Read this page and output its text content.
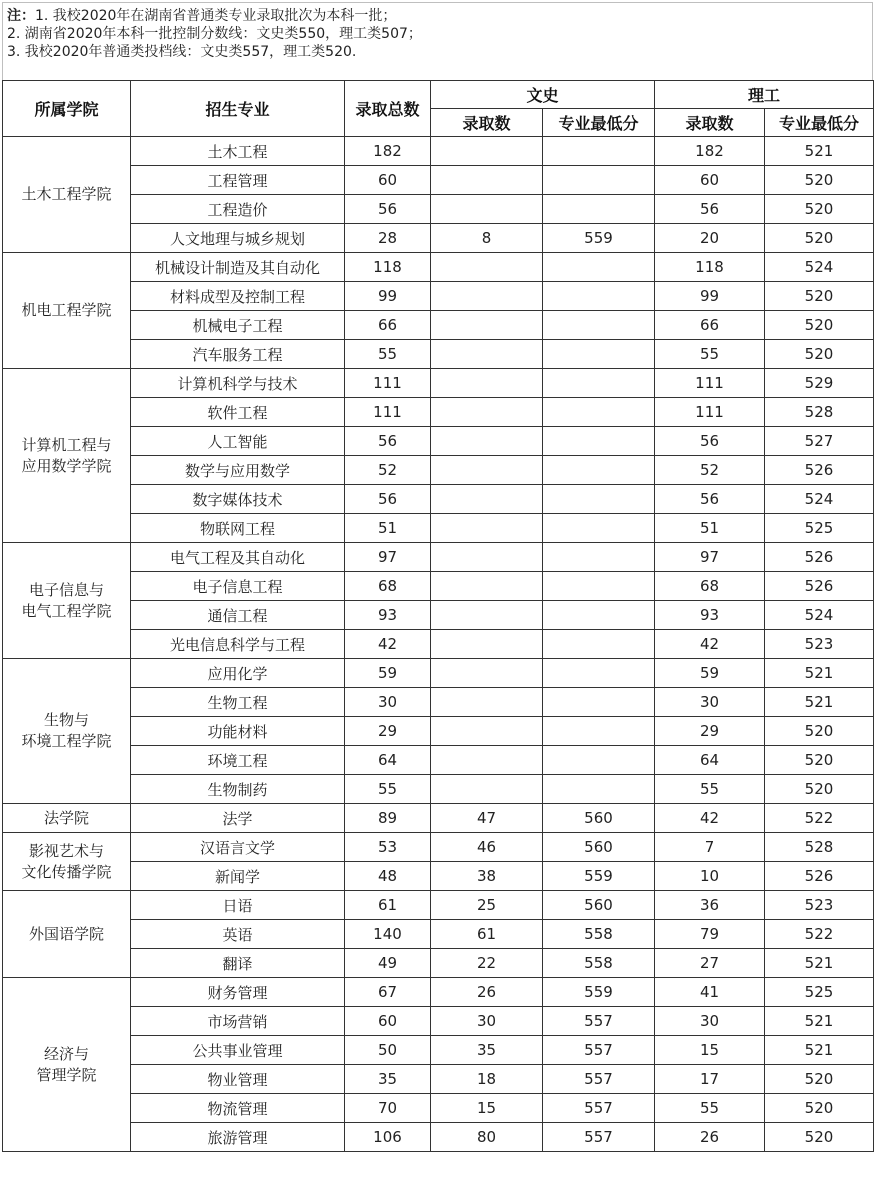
注：1. 我校2020年在湖南省普通类专业录取批次为本科一批；
2. 湖南省2020年本科一批控制分数线：文史类550，理工类507；
3. 我校2020年普通类投档线：文史类557，理工类520.
所属学院	招生专业	录取总数	文史		理工	
			录取数	专业最低分	录取数	专业最低分
土木工程学院	土木工程	182			182	521
	工程管理	60			60	520
	工程造价	56			56	520
	人文地理与城乡规划	28	8	559	20	520
机电工程学院	机械设计制造及其自动化	118			118	524
	材料成型及控制工程	99			99	520
	机械电子工程	66			66	520
	汽车服务工程	55			55	520
计算机工程与
应用数学学院	计算机科学与技术	111			111	529
	软件工程	111			111	528
	人工智能	56			56	527
	数学与应用数学	52			52	526
	数字媒体技术	56			56	524
	物联网工程	51			51	525
电子信息与
电气工程学院	电气工程及其自动化	97			97	526
	电子信息工程	68			68	526
	通信工程	93			93	524
	光电信息科学与工程	42			42	523
生物与
环境工程学院	应用化学	59			59	521
	生物工程	30			30	521
	功能材料	29			29	520
	环境工程	64			64	520
	生物制药	55			55	520
法学院	法学	89	47	560	42	522
影视艺术与
文化传播学院	汉语言文学	53	46	560	7	528
	新闻学	48	38	559	10	526
外国语学院	日语	61	25	560	36	523
	英语	140	61	558	79	522
	翻译	49	22	558	27	521
经济与
管理学院	财务管理	67	26	559	41	525
	市场营销	60	30	557	30	521
	公共事业管理	50	35	557	15	521
	物业管理	35	18	557	17	520
	物流管理	70	15	557	55	520
	旅游管理	106	80	557	26	520
